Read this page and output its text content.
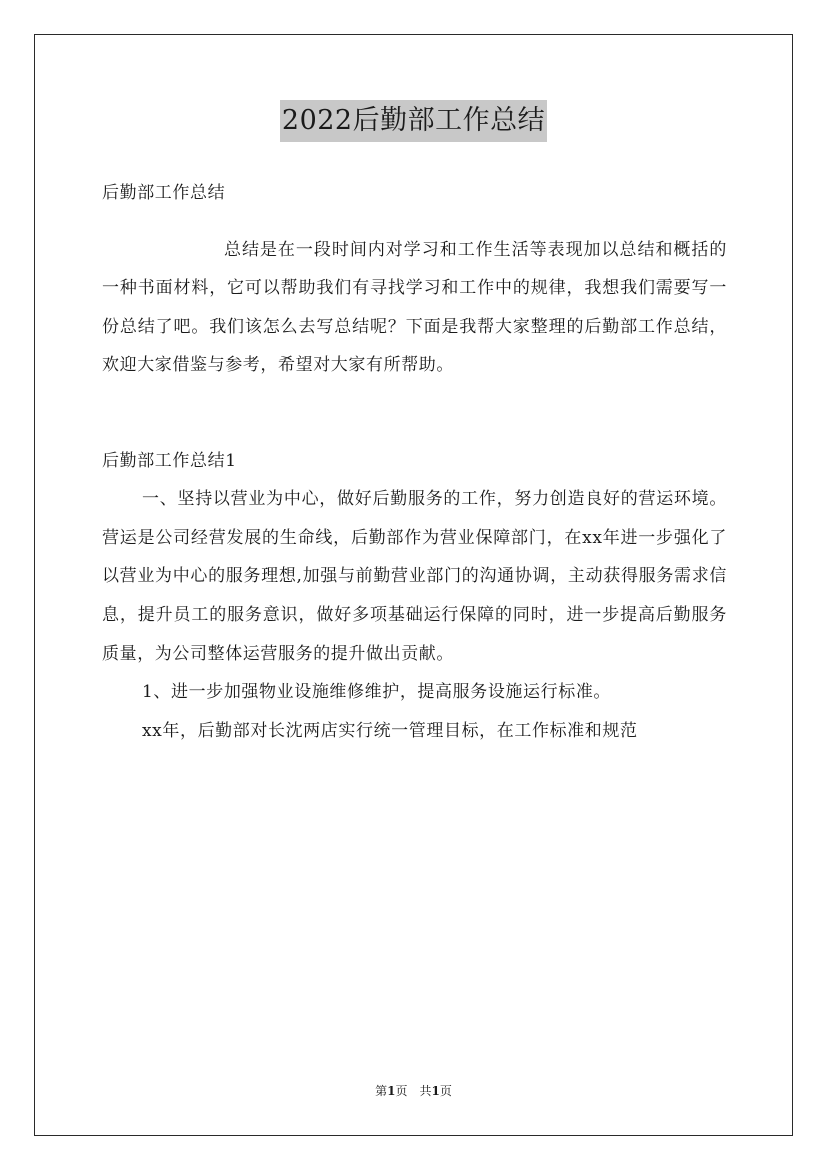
2022后勤部工作总结

后勤部工作总结

总结是在一段时间内对学习和工作生活等表现加以总结和概括的一种书面材料，它可以帮助我们有寻找学习和工作中的规律，我想我们需要写一份总结了吧。我们该怎么去写总结呢？下面是我帮大家整理的后勤部工作总结，欢迎大家借鉴与参考，希望对大家有所帮助。

后勤部工作总结1

一、坚持以营业为中心，做好后勤服务的工作，努力创造良好的营运环境。营运是公司经营发展的生命线，后勤部作为营业保障部门，在xx年进一步强化了以营业为中心的服务理想,加强与前勤营业部门的沟通协调，主动获得服务需求信息，提升员工的服务意识，做好多项基础运行保障的同时，进一步提高后勤服务质量，为公司整体运营服务的提升做出贡献。

1、进一步加强物业设施维修维护，提高服务设施运行标准。

xx年，后勤部对长沈两店实行统一管理目标，在工作标准和规范

第1页　共1页
